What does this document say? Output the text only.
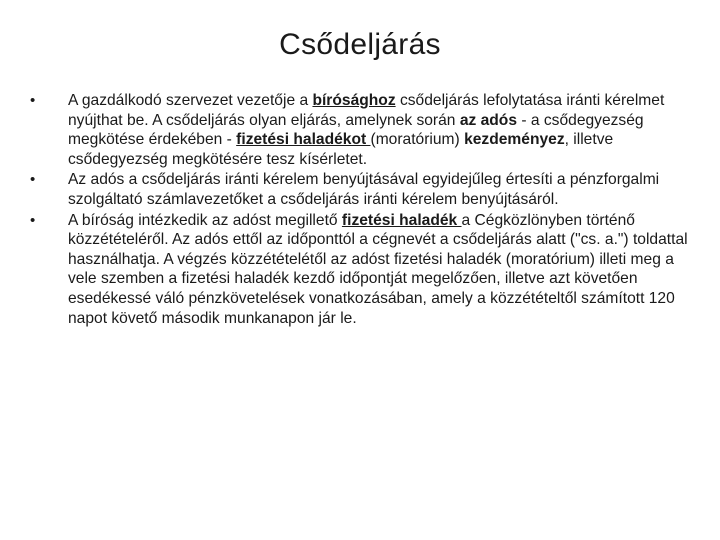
Csődeljárás
• A gazdálkodó szervezet vezetője a bírósághoz csődeljárás lefolytatása iránti kérelmet nyújthat be. A csődeljárás olyan eljárás, amelynek során az adós - a csődegyezség megkötése érdekében - fizetési haladékot (moratórium) kezdeményez, illetve csődegyezség megkötésére tesz kísérletet.
• Az adós a csődeljárás iránti kérelem benyújtásával egyidejűleg értesíti a pénzforgalmi szolgáltató számlavezetőket a csődeljárás iránti kérelem benyújtásáról.
• A bíróság intézkedik az adóst megillető fizetési haladék a Cégközlönyben történő közzétételéről. Az adós ettől az időponttól a cégnevét a csődeljárás alatt ("cs. a.") toldattal használhatja. A végzés közzétételétől az adóst fizetési haladék (moratórium) illeti meg a vele szemben a fizetési haladék kezdő időpontját megelőzően, illetve azt követően esedékessé váló pénzkövetelések vonatkozásában, amely a közzétételtől számított 120 napot követő második munkanapon jár le.
